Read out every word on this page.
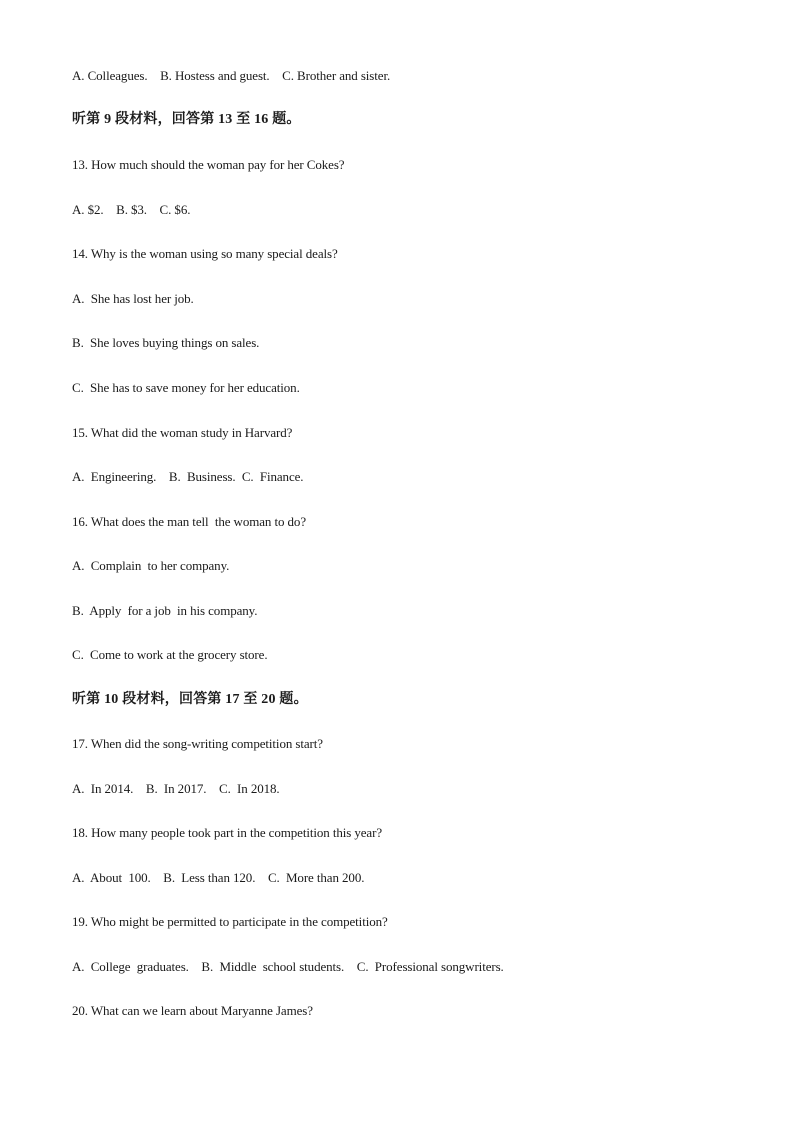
A. Colleagues.    B. Hostess and guest.    C. Brother and sister.
听第 9 段材料，回答第 13 至 16 题。
13. How much should the woman pay for her Cokes?
A. $2.    B. $3.    C. $6.
14. Why is the woman using so many special deals?
A.  She has lost her job.
B.  She loves buying things on sales.
C.  She has to save money for her education.
15. What did the woman study in Harvard?
A.  Engineering.    B.  Business.  C.  Finance.
16. What does the man tell  the woman to do?
A.  Complain  to her company.
B.  Apply  for a job  in his company.
C.  Come to work at the grocery store.
听第 10 段材料，回答第 17 至 20 题。
17. When did the song-writing competition start?
A.  In 2014.    B.  In 2017.    C.  In 2018.
18. How many people took part in the competition this year?
A.  About  100.    B.  Less than 120.    C.  More than 200.
19. Who might be permitted to participate in the competition?
A.  College  graduates.    B.  Middle  school students.    C.  Professional songwriters.
20. What can we learn about Maryanne James?
